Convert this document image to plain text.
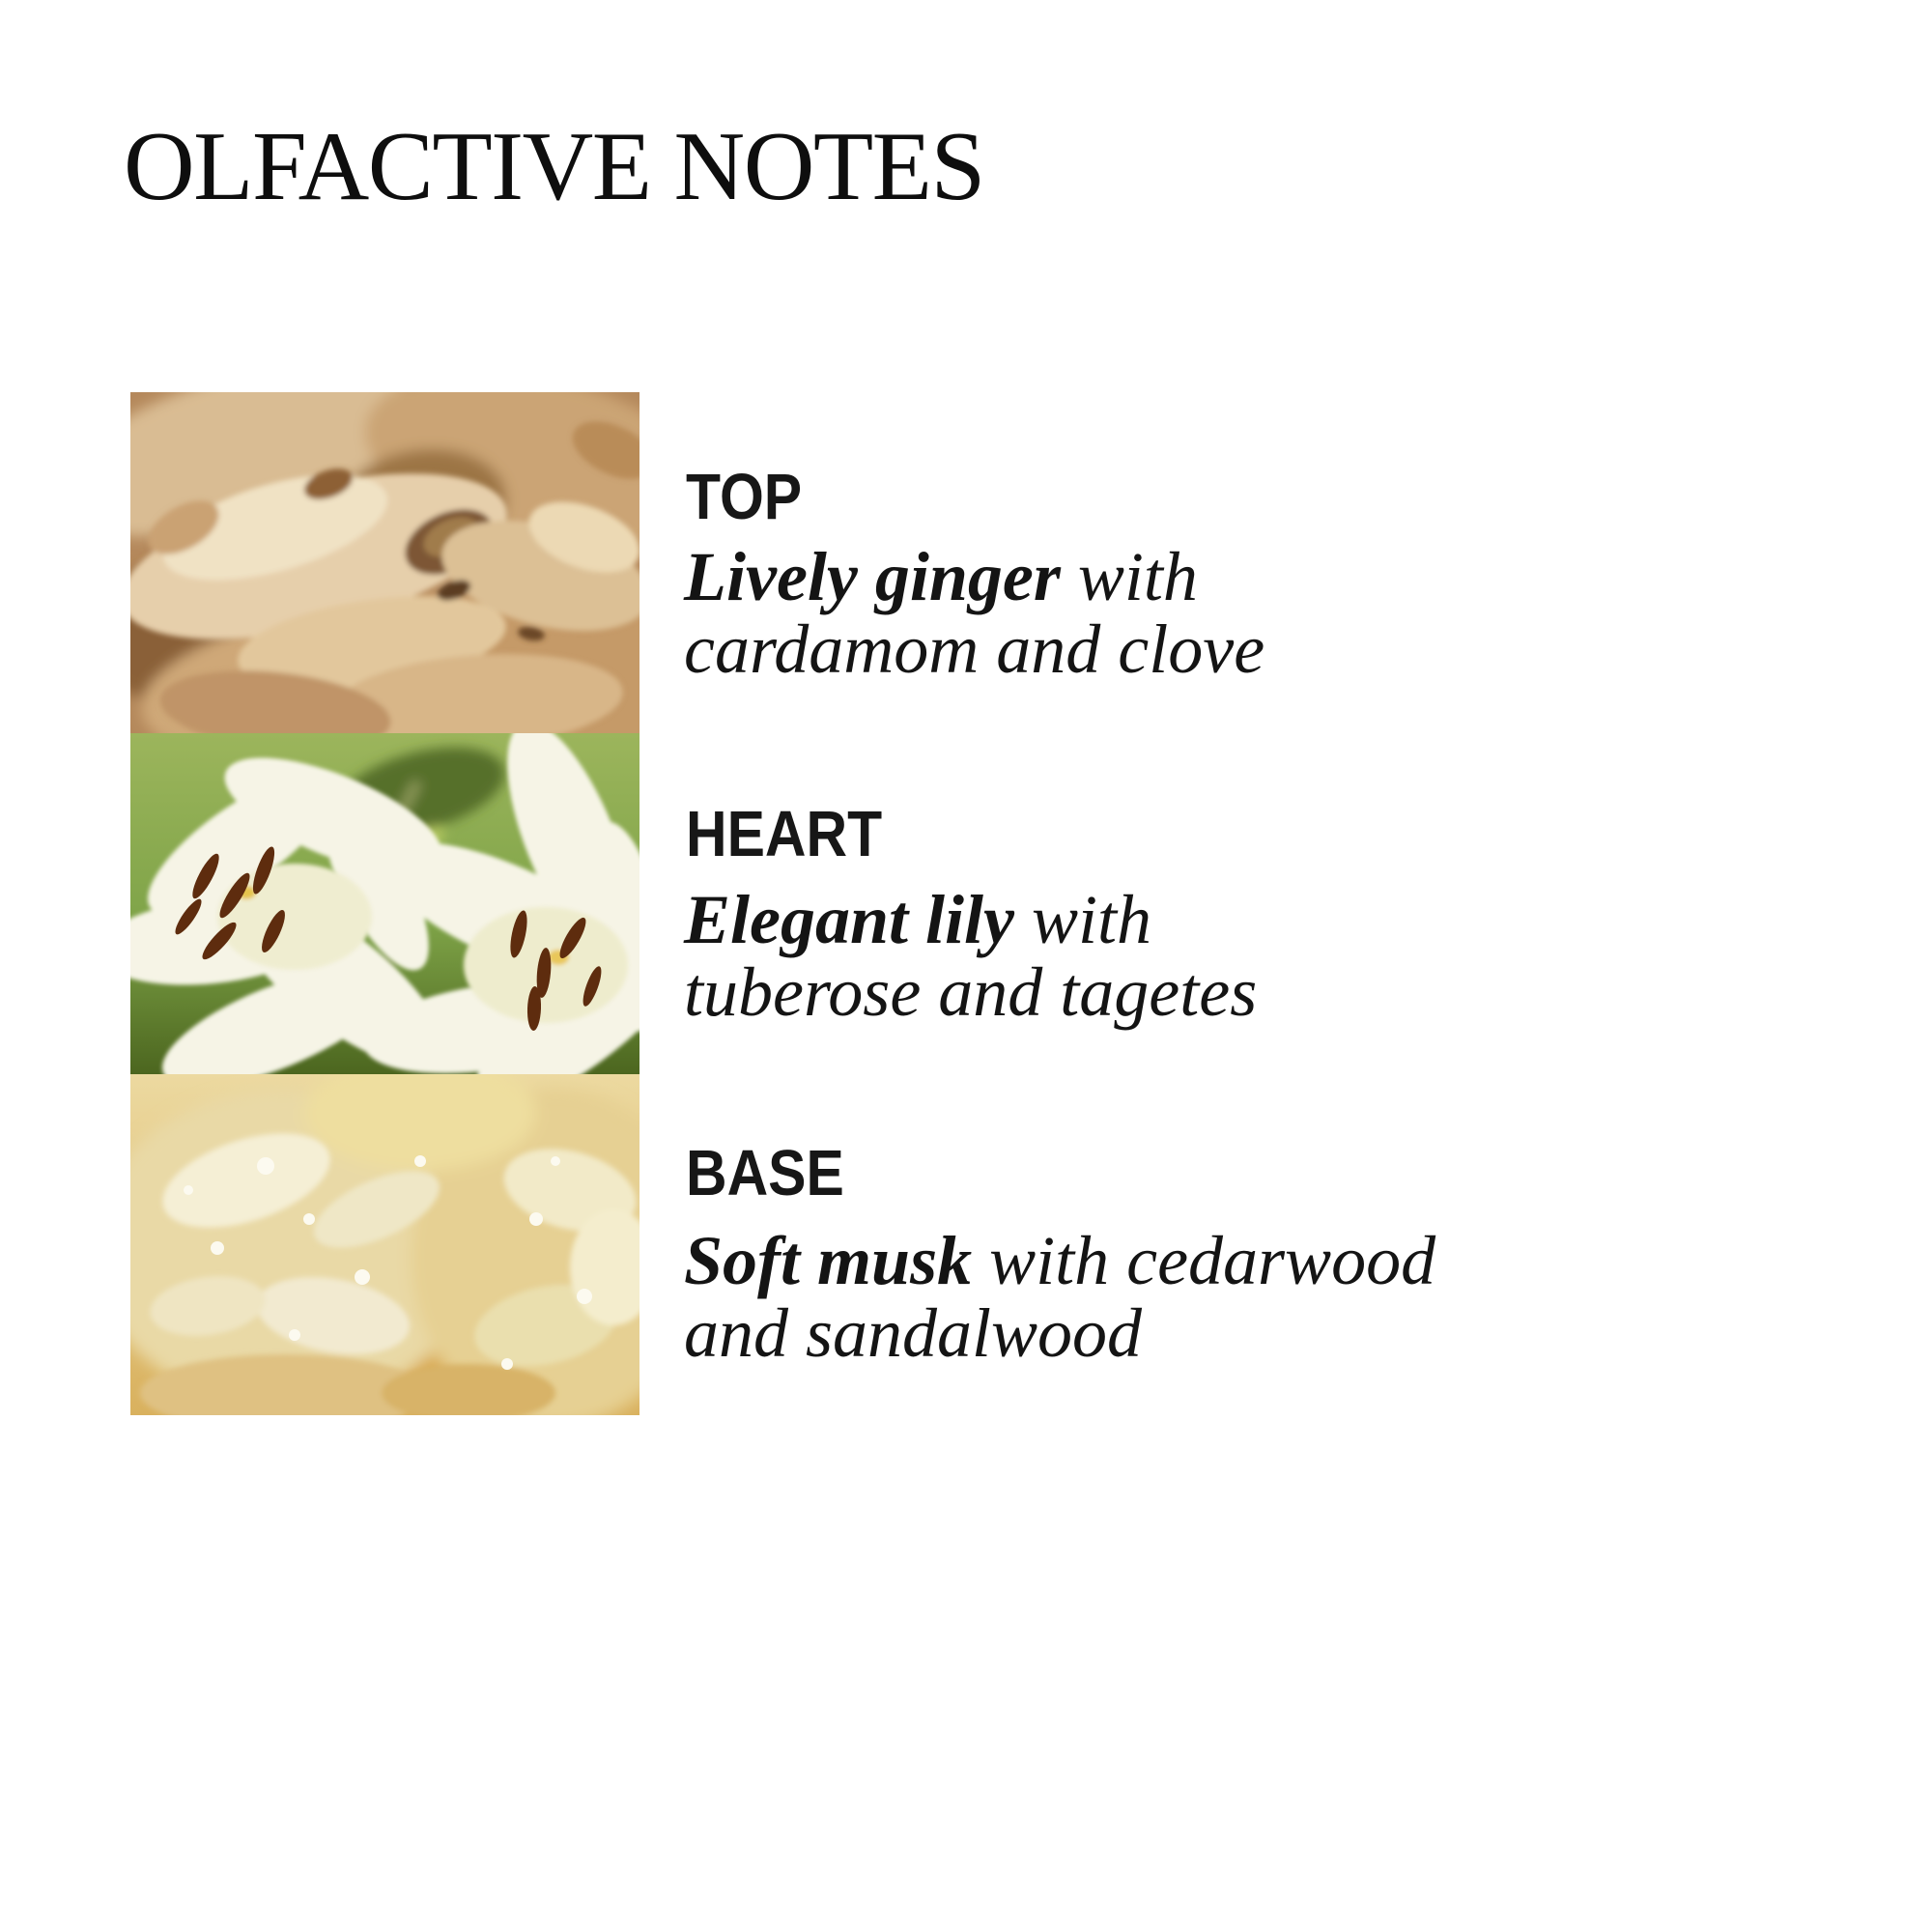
OLFACTIVE NOTES
TOP
Lively ginger with
cardamom and clove
HEART
Elegant lily with
tuberose and tagetes
BASE
Soft musk with cedarwood
and sandalwood
